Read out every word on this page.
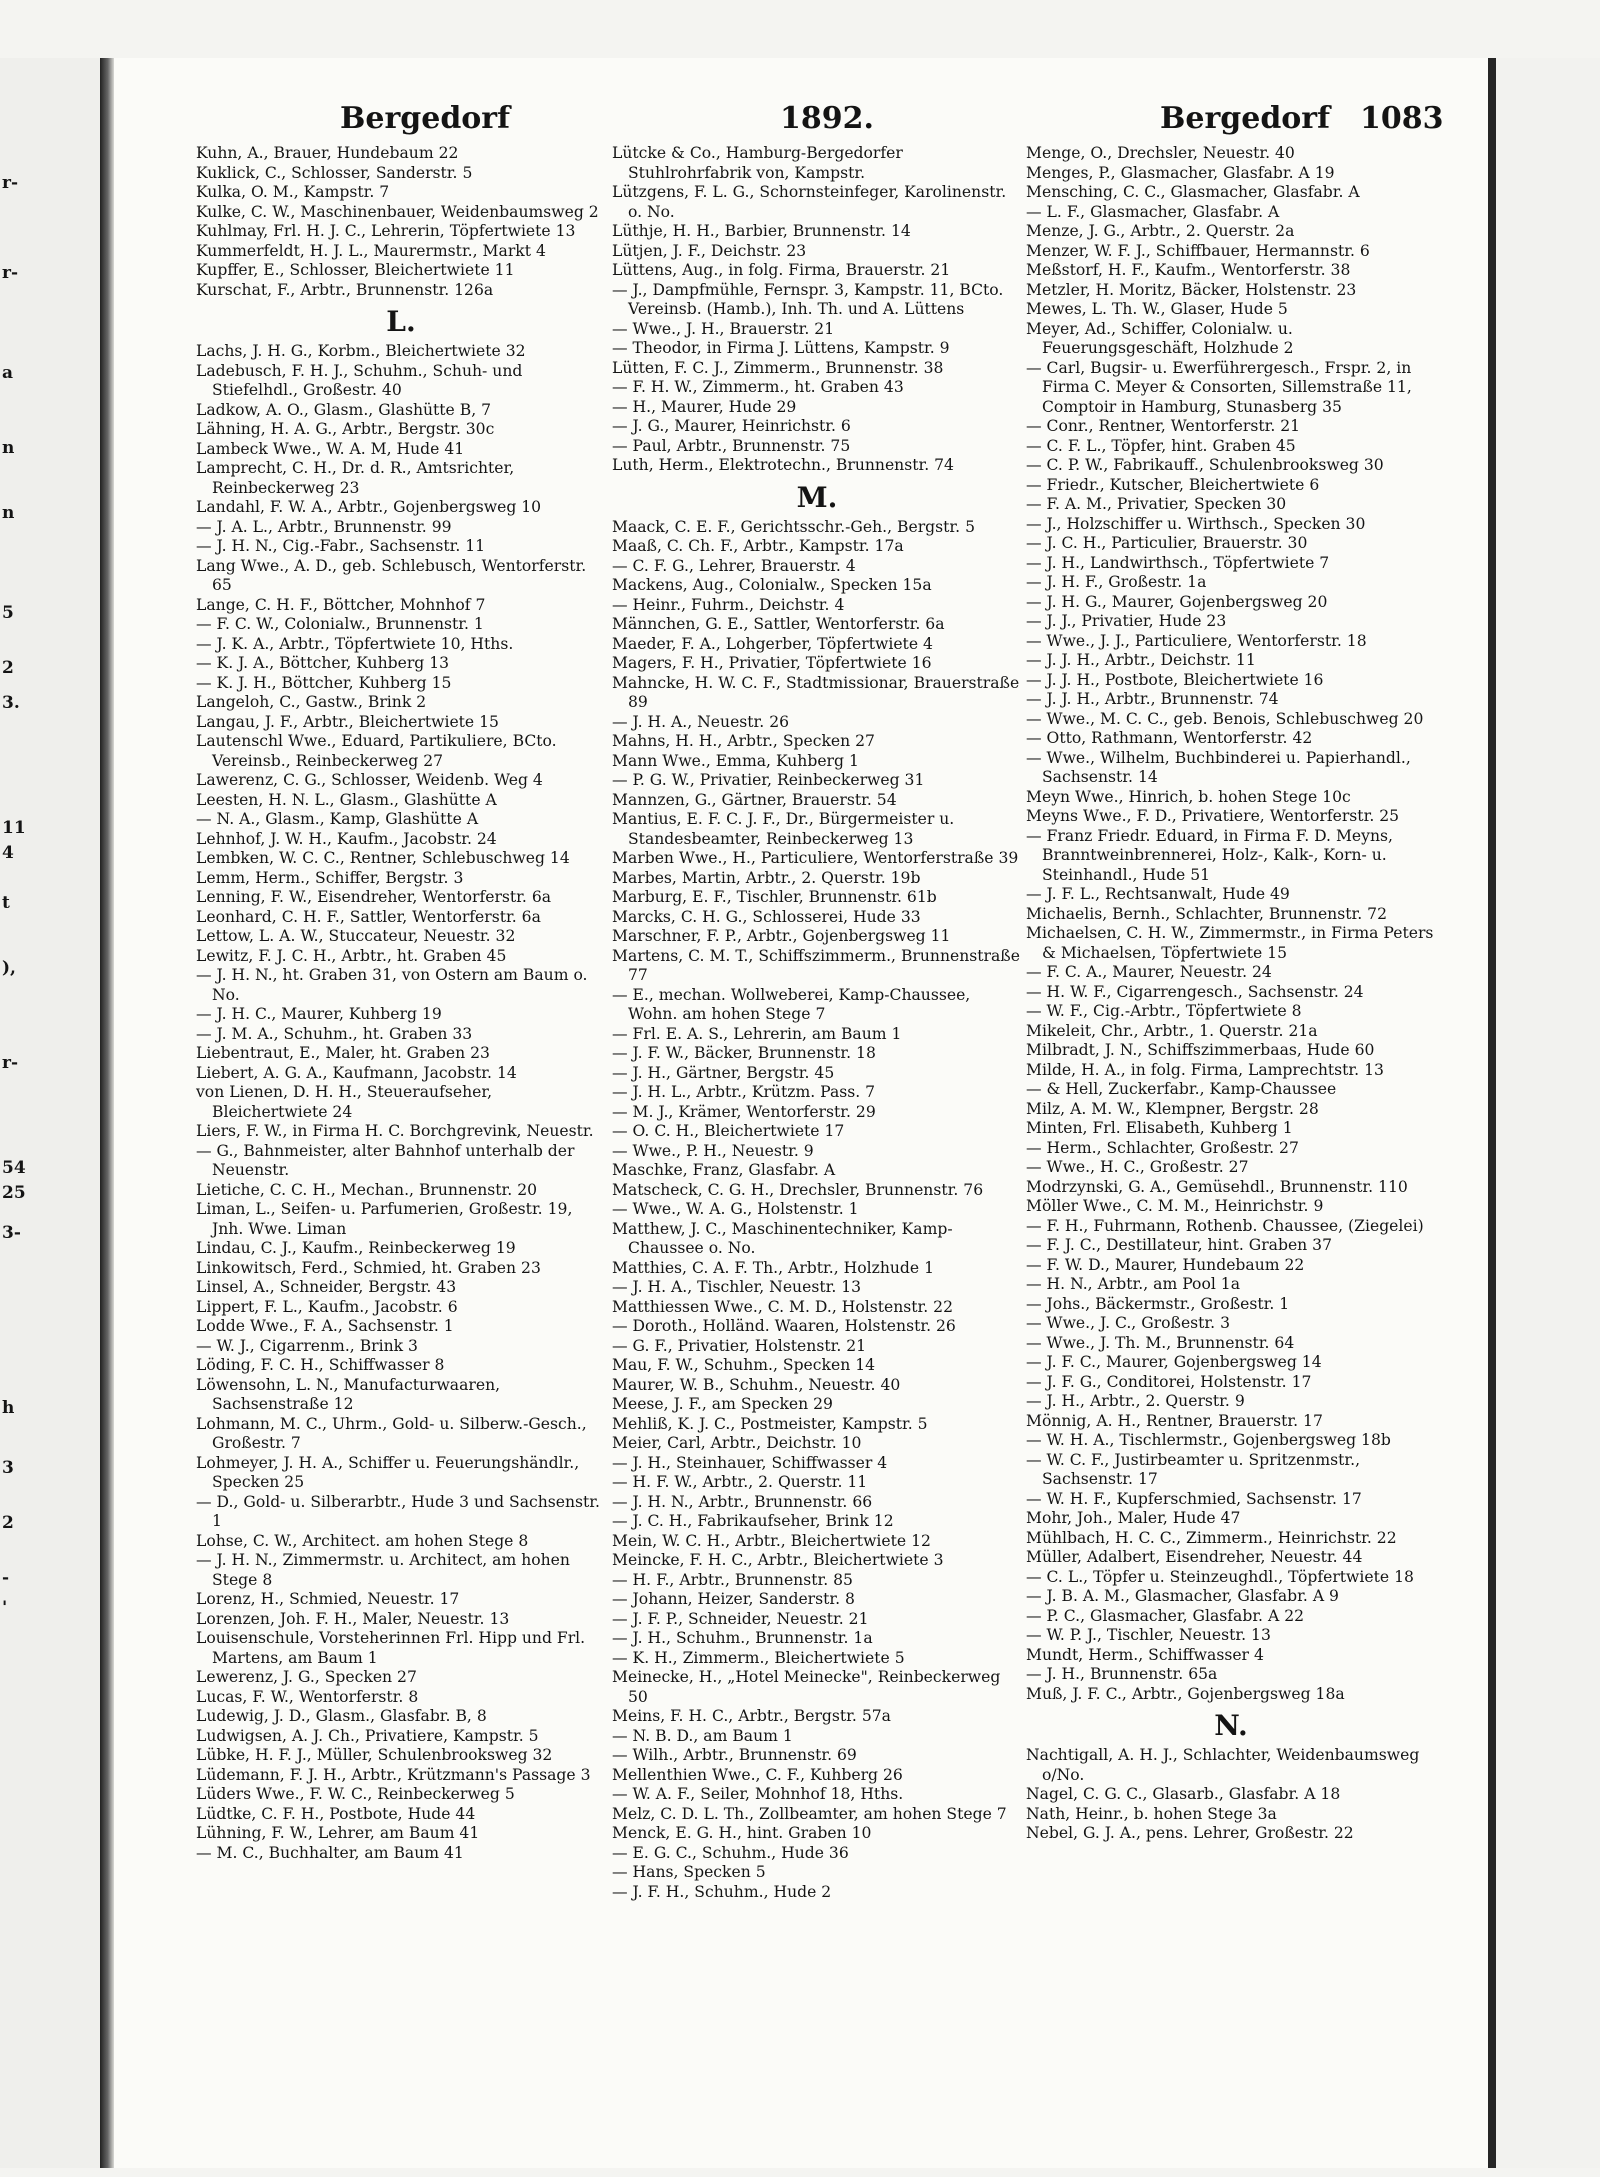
r-
r-
a
n
n
5
2
3.
11
4
t
),
r-
54
25
3-
h
3
2
-
'
Bergedorf	1892.	Bergedorf 1083
Kuhn, A., Brauer, Hundebaum 22
Kuklick, C., Schlosser, Sanderstr. 5
Kulka, O. M., Kampstr. 7
Kulke, C. W., Maschinenbauer, Weidenbaumsweg 2
Kuhlmay, Frl. H. J. C., Lehrerin, Töpfertwiete 13
Kummerfeldt, H. J. L., Maurermstr., Markt 4
Kupffer, E., Schlosser, Bleichertwiete 11
Kurschat, F., Arbtr., Brunnenstr. 126a
L.
Lachs, J. H. G., Korbm., Bleichertwiete 32
Ladebusch, F. H. J., Schuhm., Schuh- und Stiefelhdl., Großestr. 40
Ladkow, A. O., Glasm., Glashütte B, 7
Lähning, H. A. G., Arbtr., Bergstr. 30c
Lambeck Wwe., W. A. M, Hude 41
Lamprecht, C. H., Dr. d. R., Amtsrichter, Reinbeckerweg 23
Landahl, F. W. A., Arbtr., Gojenbergsweg 10
— J. A. L., Arbtr., Brunnenstr. 99
— J. H. N., Cig.-Fabr., Sachsenstr. 11
Lang Wwe., A. D., geb. Schlebusch, Wentorferstr. 65
Lange, C. H. F., Böttcher, Mohnhof 7
— F. C. W., Colonialw., Brunnenstr. 1
— J. K. A., Arbtr., Töpfertwiete 10, Hths.
— K. J. A., Böttcher, Kuhberg 13
— K. J. H., Böttcher, Kuhberg 15
Langeloh, C., Gastw., Brink 2
Langau, J. F., Arbtr., Bleichertwiete 15
Lautenschl Wwe., Eduard, Partikuliere, BCto. Vereinsb., Reinbeckerweg 27
Lawerenz, C. G., Schlosser, Weidenb. Weg 4
Leesten, H. N. L., Glasm., Glashütte A
— N. A., Glasm., Kamp, Glashütte A
Lehnhof, J. W. H., Kaufm., Jacobstr. 24
Lembken, W. C. C., Rentner, Schlebuschweg 14
Lemm, Herm., Schiffer, Bergstr. 3
Lenning, F. W., Eisendreher, Wentorferstr. 6a
Leonhard, C. H. F., Sattler, Wentorferstr. 6a
Lettow, L. A. W., Stuccateur, Neuestr. 32
Lewitz, F. J. C. H., Arbtr., ht. Graben 45
— J. H. N., ht. Graben 31, von Ostern am Baum o. No.
— J. H. C., Maurer, Kuhberg 19
— J. M. A., Schuhm., ht. Graben 33
Liebentraut, E., Maler, ht. Graben 23
Liebert, A. G. A., Kaufmann, Jacobstr. 14
von Lienen, D. H. H., Steueraufseher, Bleichertwiete 24
Liers, F. W., in Firma H. C. Borchgrevink, Neuestr.
— G., Bahnmeister, alter Bahnhof unterhalb der Neuenstr.
Lietiche, C. C. H., Mechan., Brunnenstr. 20
Liman, L., Seifen- u. Parfumerien, Großestr. 19, Jnh. Wwe. Liman
Lindau, C. J., Kaufm., Reinbeckerweg 19
Linkowitsch, Ferd., Schmied, ht. Graben 23
Linsel, A., Schneider, Bergstr. 43
Lippert, F. L., Kaufm., Jacobstr. 6
Lodde Wwe., F. A., Sachsenstr. 1
— W. J., Cigarrenm., Brink 3
Löding, F. C. H., Schiffwasser 8
Löwensohn, L. N., Manufacturwaaren, Sachsenstraße 12
Lohmann, M. C., Uhrm., Gold- u. Silberw.-Gesch., Großestr. 7
Lohmeyer, J. H. A., Schiffer u. Feuerungshändlr., Specken 25
— D., Gold- u. Silberarbtr., Hude 3 und Sachsenstr. 1
Lohse, C. W., Architect. am hohen Stege 8
— J. H. N., Zimmermstr. u. Architect, am hohen Stege 8
Lorenz, H., Schmied, Neuestr. 17
Lorenzen, Joh. F. H., Maler, Neuestr. 13
Louisenschule, Vorsteherinnen Frl. Hipp und Frl. Martens, am Baum 1
Lewerenz, J. G., Specken 27
Lucas, F. W., Wentorferstr. 8
Ludewig, J. D., Glasm., Glasfabr. B, 8
Ludwigsen, A. J. Ch., Privatiere, Kampstr. 5
Lübke, H. F. J., Müller, Schulenbrooksweg 32
Lüdemann, F. J. H., Arbtr., Krützmann's Passage 3
Lüders Wwe., F. W. C., Reinbeckerweg 5
Lüdtke, C. F. H., Postbote, Hude 44
Lühning, F. W., Lehrer, am Baum 41
— M. C., Buchhalter, am Baum 41
Lütcke & Co., Hamburg-Bergedorfer Stuhlrohrfabrik von, Kampstr.
Lützgens, F. L. G., Schornsteinfeger, Karolinenstr. o. No.
Lüthje, H. H., Barbier, Brunnenstr. 14
Lütjen, J. F., Deichstr. 23
Lüttens, Aug., in folg. Firma, Brauerstr. 21
— J., Dampfmühle, Fernspr. 3, Kampstr. 11, BCto. Vereinsb. (Hamb.), Inh. Th. und A. Lüttens
— Wwe., J. H., Brauerstr. 21
— Theodor, in Firma J. Lüttens, Kampstr. 9
Lütten, F. C. J., Zimmerm., Brunnenstr. 38
— F. H. W., Zimmerm., ht. Graben 43
— H., Maurer, Hude 29
— J. G., Maurer, Heinrichstr. 6
— Paul, Arbtr., Brunnenstr. 75
Luth, Herm., Elektrotechn., Brunnenstr. 74
M.
Maack, C. E. F., Gerichtsschr.-Geh., Bergstr. 5
Maaß, C. Ch. F., Arbtr., Kampstr. 17a
— C. F. G., Lehrer, Brauerstr. 4
Mackens, Aug., Colonialw., Specken 15a
— Heinr., Fuhrm., Deichstr. 4
Männchen, G. E., Sattler, Wentorferstr. 6a
Maeder, F. A., Lohgerber, Töpfertwiete 4
Magers, F. H., Privatier, Töpfertwiete 16
Mahncke, H. W. C. F., Stadtmissionar, Brauerstraße 89
— J. H. A., Neuestr. 26
Mahns, H. H., Arbtr., Specken 27
Mann Wwe., Emma, Kuhberg 1
— P. G. W., Privatier, Reinbeckerweg 31
Mannzen, G., Gärtner, Brauerstr. 54
Mantius, E. F. C. J. F., Dr., Bürgermeister u. Standesbeamter, Reinbeckerweg 13
Marben Wwe., H., Particuliere, Wentorferstraße 39
Marbes, Martin, Arbtr., 2. Querstr. 19b
Marburg, E. F., Tischler, Brunnenstr. 61b
Marcks, C. H. G., Schlosserei, Hude 33
Marschner, F. P., Arbtr., Gojenbergsweg 11
Martens, C. M. T., Schiffszimmerm., Brunnenstraße 77
— E., mechan. Wollweberei, Kamp-Chaussee, Wohn. am hohen Stege 7
— Frl. E. A. S., Lehrerin, am Baum 1
— J. F. W., Bäcker, Brunnenstr. 18
— J. H., Gärtner, Bergstr. 45
— J. H. L., Arbtr., Krützm. Pass. 7
— M. J., Krämer, Wentorferstr. 29
— O. C. H., Bleichertwiete 17
— Wwe., P. H., Neuestr. 9
Maschke, Franz, Glasfabr. A
Matscheck, C. G. H., Drechsler, Brunnenstr. 76
— Wwe., W. A. G., Holstenstr. 1
Matthew, J. C., Maschinentechniker, Kamp-Chaussee o. No.
Matthies, C. A. F. Th., Arbtr., Holzhude 1
— J. H. A., Tischler, Neuestr. 13
Matthiessen Wwe., C. M. D., Holstenstr. 22
— Doroth., Holländ. Waaren, Holstenstr. 26
— G. F., Privatier, Holstenstr. 21
Mau, F. W., Schuhm., Specken 14
Maurer, W. B., Schuhm., Neuestr. 40
Meese, J. F., am Specken 29
Mehliß, K. J. C., Postmeister, Kampstr. 5
Meier, Carl, Arbtr., Deichstr. 10
— J. H., Steinhauer, Schiffwasser 4
— H. F. W., Arbtr., 2. Querstr. 11
— J. H. N., Arbtr., Brunnenstr. 66
— J. C. H., Fabrikaufseher, Brink 12
Mein, W. C. H., Arbtr., Bleichertwiete 12
Meincke, F. H. C., Arbtr., Bleichertwiete 3
— H. F., Arbtr., Brunnenstr. 85
— Johann, Heizer, Sanderstr. 8
— J. F. P., Schneider, Neuestr. 21
— J. H., Schuhm., Brunnenstr. 1a
— K. H., Zimmerm., Bleichertwiete 5
Meinecke, H., „Hotel Meinecke", Reinbeckerweg 50
Meins, F. H. C., Arbtr., Bergstr. 57a
— N. B. D., am Baum 1
— Wilh., Arbtr., Brunnenstr. 69
Mellenthien Wwe., C. F., Kuhberg 26
— W. A. F., Seiler, Mohnhof 18, Hths.
Melz, C. D. L. Th., Zollbeamter, am hohen Stege 7
Menck, E. G. H., hint. Graben 10
— E. G. C., Schuhm., Hude 36
— Hans, Specken 5
— J. F. H., Schuhm., Hude 2
Menge, O., Drechsler, Neuestr. 40
Menges, P., Glasmacher, Glasfabr. A 19
Mensching, C. C., Glasmacher, Glasfabr. A
— L. F., Glasmacher, Glasfabr. A
Menze, J. G., Arbtr., 2. Querstr. 2a
Menzer, W. F. J., Schiffbauer, Hermannstr. 6
Meßstorf, H. F., Kaufm., Wentorferstr. 38
Metzler, H. Moritz, Bäcker, Holstenstr. 23
Mewes, L. Th. W., Glaser, Hude 5
Meyer, Ad., Schiffer, Colonialw. u. Feuerungsgeschäft, Holzhude 2
— Carl, Bugsir- u. Ewerführergesch., Frspr. 2, in Firma C. Meyer & Consorten, Sillemstraße 11, Comptoir in Hamburg, Stunasberg 35
— Conr., Rentner, Wentorferstr. 21
— C. F. L., Töpfer, hint. Graben 45
— C. P. W., Fabrikauff., Schulenbrooksweg 30
— Friedr., Kutscher, Bleichertwiete 6
— F. A. M., Privatier, Specken 30
— J., Holzschiffer u. Wirthsch., Specken 30
— J. C. H., Particulier, Brauerstr. 30
— J. H., Landwirthsch., Töpfertwiete 7
— J. H. F., Großestr. 1a
— J. H. G., Maurer, Gojenbergsweg 20
— J. J., Privatier, Hude 23
— Wwe., J. J., Particuliere, Wentorferstr. 18
— J. J. H., Arbtr., Deichstr. 11
— J. J. H., Postbote, Bleichertwiete 16
— J. J. H., Arbtr., Brunnenstr. 74
— Wwe., M. C. C., geb. Benois, Schlebuschweg 20
— Otto, Rathmann, Wentorferstr. 42
— Wwe., Wilhelm, Buchbinderei u. Papierhandl., Sachsenstr. 14
Meyn Wwe., Hinrich, b. hohen Stege 10c
Meyns Wwe., F. D., Privatiere, Wentorferstr. 25
— Franz Friedr. Eduard, in Firma F. D. Meyns, Branntweinbrennerei, Holz-, Kalk-, Korn- u. Steinhandl., Hude 51
— J. F. L., Rechtsanwalt, Hude 49
Michaelis, Bernh., Schlachter, Brunnenstr. 72
Michaelsen, C. H. W., Zimmermstr., in Firma Peters & Michaelsen, Töpfertwiete 15
— F. C. A., Maurer, Neuestr. 24
— H. W. F., Cigarrengesch., Sachsenstr. 24
— W. F., Cig.-Arbtr., Töpfertwiete 8
Mikeleit, Chr., Arbtr., 1. Querstr. 21a
Milbradt, J. N., Schiffszimmerbaas, Hude 60
Milde, H. A., in folg. Firma, Lamprechtstr. 13
— & Hell, Zuckerfabr., Kamp-Chaussee
Milz, A. M. W., Klempner, Bergstr. 28
Minten, Frl. Elisabeth, Kuhberg 1
— Herm., Schlachter, Großestr. 27
— Wwe., H. C., Großestr. 27
Modrzynski, G. A., Gemüsehdl., Brunnenstr. 110
Möller Wwe., C. M. M., Heinrichstr. 9
— F. H., Fuhrmann, Rothenb. Chaussee, (Ziegelei)
— F. J. C., Destillateur, hint. Graben 37
— F. W. D., Maurer, Hundebaum 22
— H. N., Arbtr., am Pool 1a
— Johs., Bäckermstr., Großestr. 1
— Wwe., J. C., Großestr. 3
— Wwe., J. Th. M., Brunnenstr. 64
— J. F. C., Maurer, Gojenbergsweg 14
— J. F. G., Conditorei, Holstenstr. 17
— J. H., Arbtr., 2. Querstr. 9
Mönnig, A. H., Rentner, Brauerstr. 17
— W. H. A., Tischlermstr., Gojenbergsweg 18b
— W. C. F., Justirbeamter u. Spritzenmstr., Sachsenstr. 17
— W. H. F., Kupferschmied, Sachsenstr. 17
Mohr, Joh., Maler, Hude 47
Mühlbach, H. C. C., Zimmerm., Heinrichstr. 22
Müller, Adalbert, Eisendreher, Neuestr. 44
— C. L., Töpfer u. Steinzeughdl., Töpfertwiete 18
— J. B. A. M., Glasmacher, Glasfabr. A 9
— P. C., Glasmacher, Glasfabr. A 22
— W. P. J., Tischler, Neuestr. 13
Mundt, Herm., Schiffwasser 4
— J. H., Brunnenstr. 65a
Muß, J. F. C., Arbtr., Gojenbergsweg 18a
N.
Nachtigall, A. H. J., Schlachter, Weidenbaumsweg o/No.
Nagel, C. G. C., Glasarb., Glasfabr. A 18
Nath, Heinr., b. hohen Stege 3a
Nebel, G. J. A., pens. Lehrer, Großestr. 22
